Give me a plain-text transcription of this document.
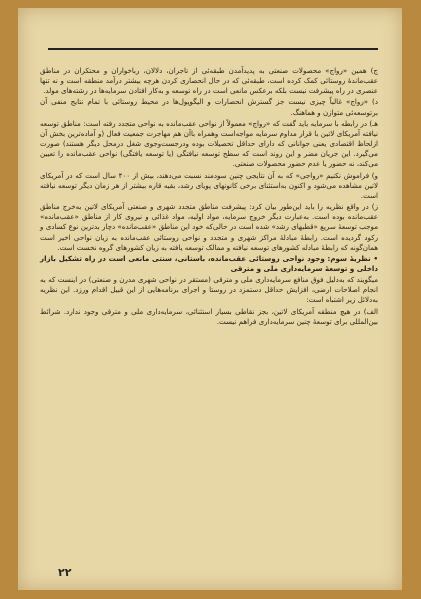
ج) همین «رواج» محصولات صنعتی به پدیدآمدن طبقه‌ئی از تاجران، دلالان، رباخواران و محتکران در مناطق عقب‌ماندهٔ روستائی کمک کرده است، طبقه‌ئی که در حال انحصاری کردن هرچه بیشتر درآمد منطقه است و نه تنها عنصری در راه پیشرفت نیست بلکه برعکس مانعی است در راه توسعه و به‌کار افتادن سرمایه‌ها در رشته‌های مولد.

د) «رواج» غالباً چیزی نیست جز گسترش انحصارات و الیگوپول‌ها در محیط روستائی با تمام نتایج منفی آن برتوسعه‌ئی متوازن و هماهنگ.

هـ) در رابطه با سرمایه باید گفت که «رواج» معمولاً از نواحی عقب‌مانده به نواحی متجدد رفته است: مناطق توسعه نیافته آمریکای لاتین با قرار مداوم سرمایه مواجه‌است وهمراه باآن هم مهاجرت جمعیت فعال (و آماده‌ترین بخش آن ازلحاظ اقتصادی یعنی جوانانی که دارای حداقل تحصیلات بوده ودرجست‌وجوی شغل درمحل دیگر هستند) صورت می‌گیرد. این جریان مضر و این روند است که سطح توسعه نیافتگی (یا توسعه یافتگی) نواحی عقب‌مانده را تعیین می‌کند، نه حضور یا عدم حضور محصولات صنعتی.

و) فراموش نکنیم «رواجی» که به آن نتایجی چنین سودمند نسبت می‌دهند، بیش از ۴۰۰ سال است که در آمریکای لاتین مشاهده می‌شود و اکنون به‌استثنای برخی کانونهای پویای رشد، بقیه قاره بیشتر از هر زمان دیگر توسعه نیافته است.

ز) در واقع نظریه را باید این‌طور بیان کرد: پیشرفت مناطق متجدد شهری و صنعتی آمریکای لاتین به‌خرج مناطق عقب‌مانده بوده است. به‌عبارت دیگر خروج سرمایه، مواد اولیه، مواد غذائی و نیروی کار از مناطق «عقب‌مانده» موجب توسعهٔ سریع «قطبهای رشد» شده است در حالی‌که خود این مناطق «عقب‌مانده» دچار بدترین نوع کسادی و رکود گردیده است. رابطهٔ مبادلهٔ مراکز شهری و متجدد و نواحی روستائی عقب‌مانده به زیان نواحی اخیر است همان‌گونه که رابطهٔ مبادله کشورهای توسعه نیافته و ممالک توسعه یافته به زیان کشورهای گروه نخست است.

• نظریهٔ سوم: وجود نواحی روستائی عقب‌مانده، باستانی، سنتی مانعی است در راه تشکیل بازار داخلی و توسعهٔ سرمایه‌داری ملی و مترقی

میگویند که به‌دلیل فوق منافع سرمایه‌داری ملی و مترقی (مستقر در نواحی شهری مدرن و صنعتی) در اینست که به انجام اصلاحات ارضی، افزایش حداقل دستمزد در روستا و اجرای برنامه‌هایی از این قبیل اقدام ورزد. این نظریه به‌دلائل زیر اشتباه است:

الف) در هیچ منطقه آمریکای لاتین، بجز نقاطی بسیار استثنائی، سرمایه‌داری ملی و مترقی وجود ندارد. شرائط بین‌المللی برای توسعهٔ چنین سرمایه‌داری فراهم نیست.

۲۲
